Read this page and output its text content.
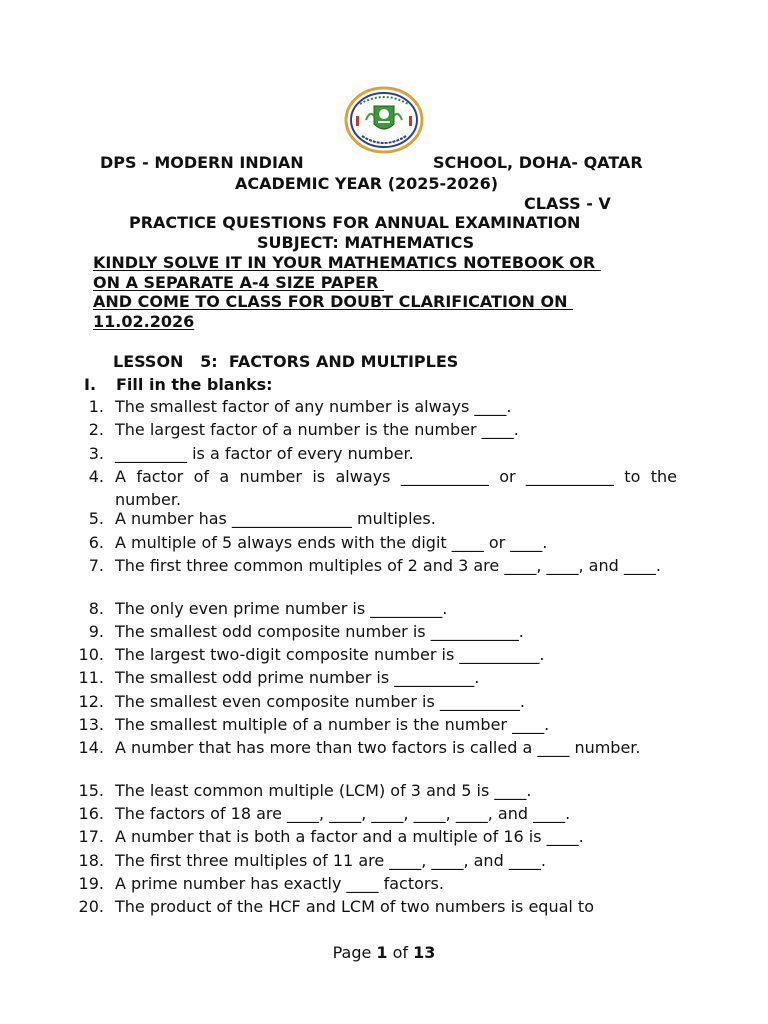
DPS - MODERN INDIAN	SCHOOL, DOHA- QATAR
ACADEMIC YEAR (2025-2026)
CLASS - V
PRACTICE QUESTIONS FOR ANNUAL EXAMINATION
SUBJECT: MATHEMATICS
KINDLY SOLVE IT IN YOUR MATHEMATICS NOTEBOOK OR
ON A SEPARATE A-4 SIZE PAPER
AND COME TO CLASS FOR DOUBT CLARIFICATION ON
11.02.2026
LESSON   5:  FACTORS AND MULTIPLES
I. Fill in the blanks:
1. The smallest factor of any number is always ____.
2. The largest factor of a number is the number ____.
3. _________ is a factor of every number.
4. A factor of a number is always ___________ or ___________ to the number.
5. A number has _______________ multiples.
6. A multiple of 5 always ends with the digit ____ or ____.
7. The first three common multiples of 2 and 3 are ____, ____, and ____.
8. The only even prime number is _________.
9. The smallest odd composite number is ___________.
10. The largest two-digit composite number is __________.
11. The smallest odd prime number is __________.
12. The smallest even composite number is __________.
13. The smallest multiple of a number is the number ____.
14. A number that has more than two factors is called a ____ number.
15. The least common multiple (LCM) of 3 and 5 is ____.
16. The factors of 18 are ____, ____, ____, ____, ____, and ____.
17. A number that is both a factor and a multiple of 16 is ____.
18. The first three multiples of 11 are ____, ____, and ____.
19. A prime number has exactly ____ factors.
20. The product of the HCF and LCM of two numbers is equal to
Page 1 of 13
